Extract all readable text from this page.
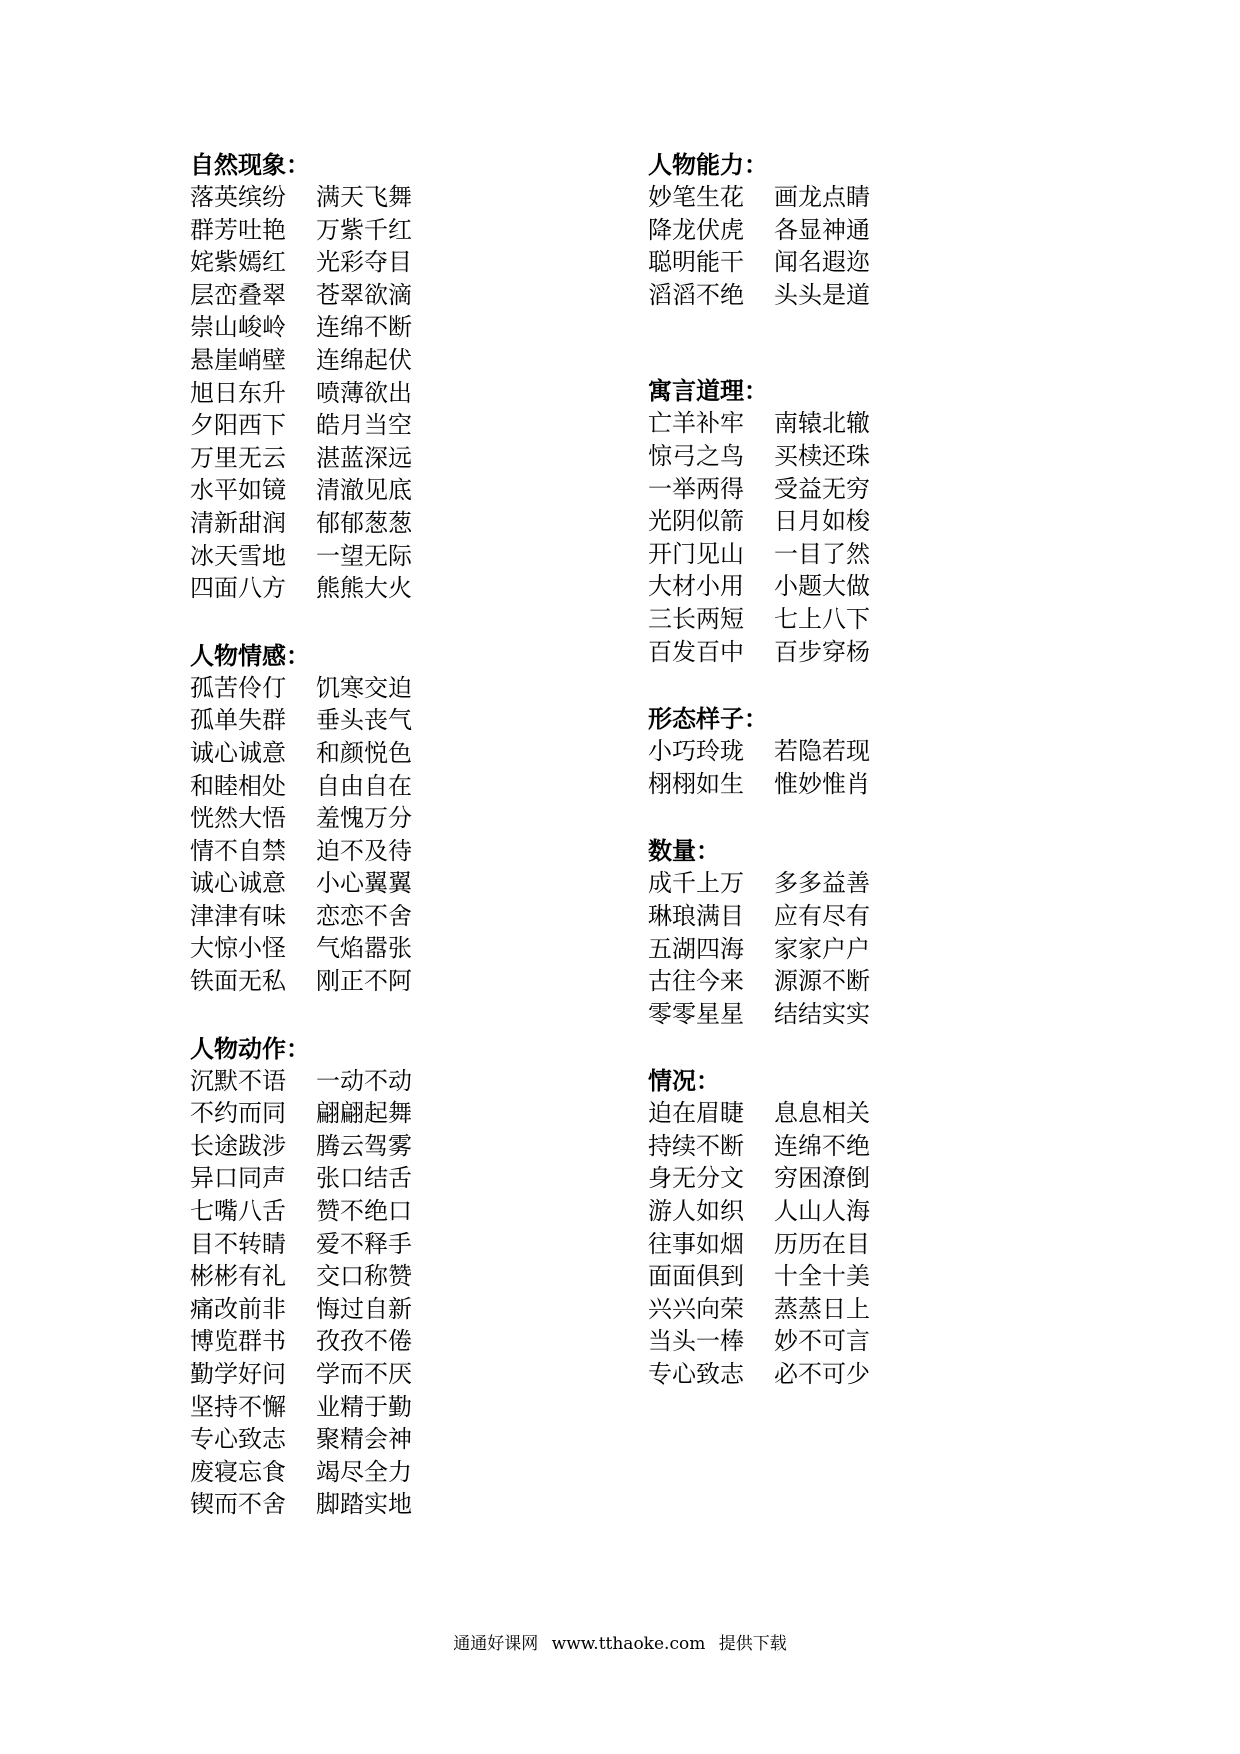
自然现象：
落英缤纷	满天飞舞
群芳吐艳	万紫千红
姹紫嫣红	光彩夺目
层峦叠翠	苍翠欲滴
崇山峻岭	连绵不断
悬崖峭壁	连绵起伏
旭日东升	喷薄欲出
夕阳西下	皓月当空
万里无云	湛蓝深远
水平如镜	清澈见底
清新甜润	郁郁葱葱
冰天雪地	一望无际
四面八方	熊熊大火
人物情感：
孤苦伶仃	饥寒交迫
孤单失群	垂头丧气
诚心诚意	和颜悦色
和睦相处	自由自在
恍然大悟	羞愧万分
情不自禁	迫不及待
诚心诚意	小心翼翼
津津有味	恋恋不舍
大惊小怪	气焰嚣张
铁面无私	刚正不阿
人物动作：
沉默不语	一动不动
不约而同	翩翩起舞
长途跋涉	腾云驾雾
异口同声	张口结舌
七嘴八舌	赞不绝口
目不转睛	爱不释手
彬彬有礼	交口称赞
痛改前非	悔过自新
博览群书	孜孜不倦
勤学好问	学而不厌
坚持不懈	业精于勤
专心致志	聚精会神
废寝忘食	竭尽全力
锲而不舍	脚踏实地
人物能力：
妙笔生花	画龙点睛
降龙伏虎	各显神通
聪明能干	闻名遐迩
滔滔不绝	头头是道
寓言道理：
亡羊补牢	南辕北辙
惊弓之鸟	买椟还珠
一举两得	受益无穷
光阴似箭	日月如梭
开门见山	一目了然
大材小用	小题大做
三长两短	七上八下
百发百中	百步穿杨
形态样子：
小巧玲珑	若隐若现
栩栩如生	惟妙惟肖
数量：
成千上万	多多益善
琳琅满目	应有尽有
五湖四海	家家户户
古往今来	源源不断
零零星星	结结实实
情况：
迫在眉睫	息息相关
持续不断	连绵不绝
身无分文	穷困潦倒
游人如织	人山人海
往事如烟	历历在目
面面俱到	十全十美
兴兴向荣	蒸蒸日上
当头一棒	妙不可言
专心致志	必不可少
通通好课网 www.tthaoke.com 提供下载
